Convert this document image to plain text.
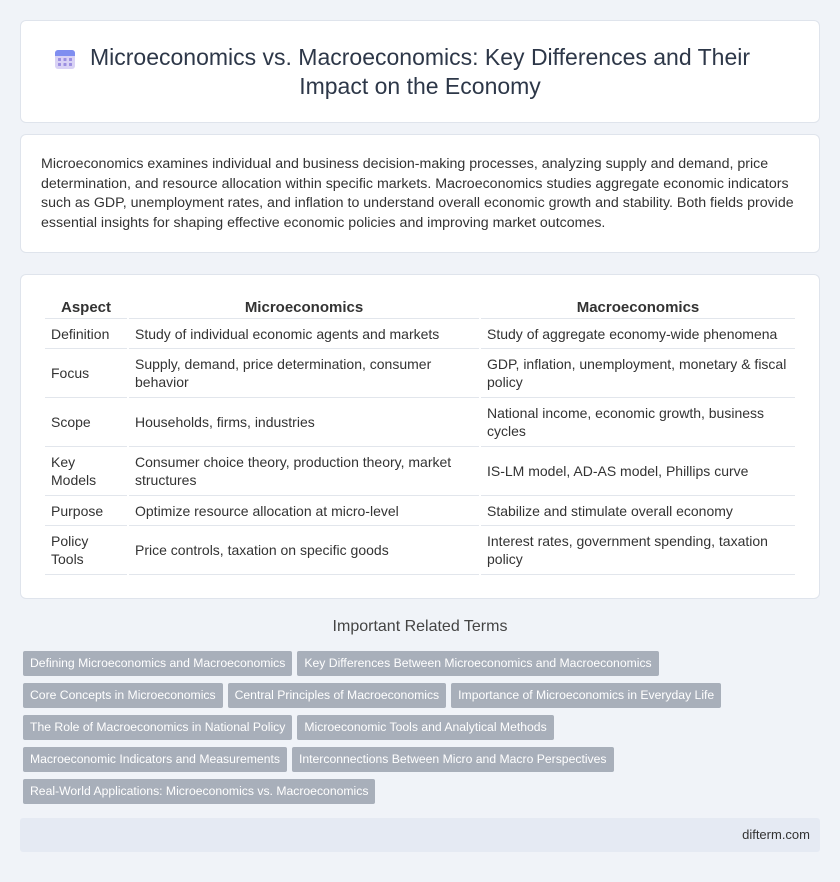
Microeconomics vs. Macroeconomics: Key Differences and Their Impact on the Economy

Microeconomics examines individual and business decision-making processes, analyzing supply and demand, price determination, and resource allocation within specific markets. Macroeconomics studies aggregate economic indicators such as GDP, unemployment rates, and inflation to understand overall economic growth and stability. Both fields provide essential insights for shaping effective economic policies and improving market outcomes.

Aspect	Microeconomics	Macroeconomics
Definition	Study of individual economic agents and markets	Study of aggregate economy-wide phenomena
Focus	Supply, demand, price determination, consumer behavior	GDP, inflation, unemployment, monetary & fiscal policy
Scope	Households, firms, industries	National income, economic growth, business cycles
Key Models	Consumer choice theory, production theory, market structures	IS-LM model, AD-AS model, Phillips curve
Purpose	Optimize resource allocation at micro-level	Stabilize and stimulate overall economy
Policy Tools	Price controls, taxation on specific goods	Interest rates, government spending, taxation policy
Important Related Terms
Defining Microeconomics and Macroeconomics Key Differences Between Microeconomics and Macroeconomics
Core Concepts in Microeconomics Central Principles of Macroeconomics Importance of Microeconomics in Everyday Life
The Role of Macroeconomics in National Policy Microeconomic Tools and Analytical Methods
Macroeconomic Indicators and Measurements Interconnections Between Micro and Macro Perspectives
Real-World Applications: Microeconomics vs. Macroeconomics
difterm.com
